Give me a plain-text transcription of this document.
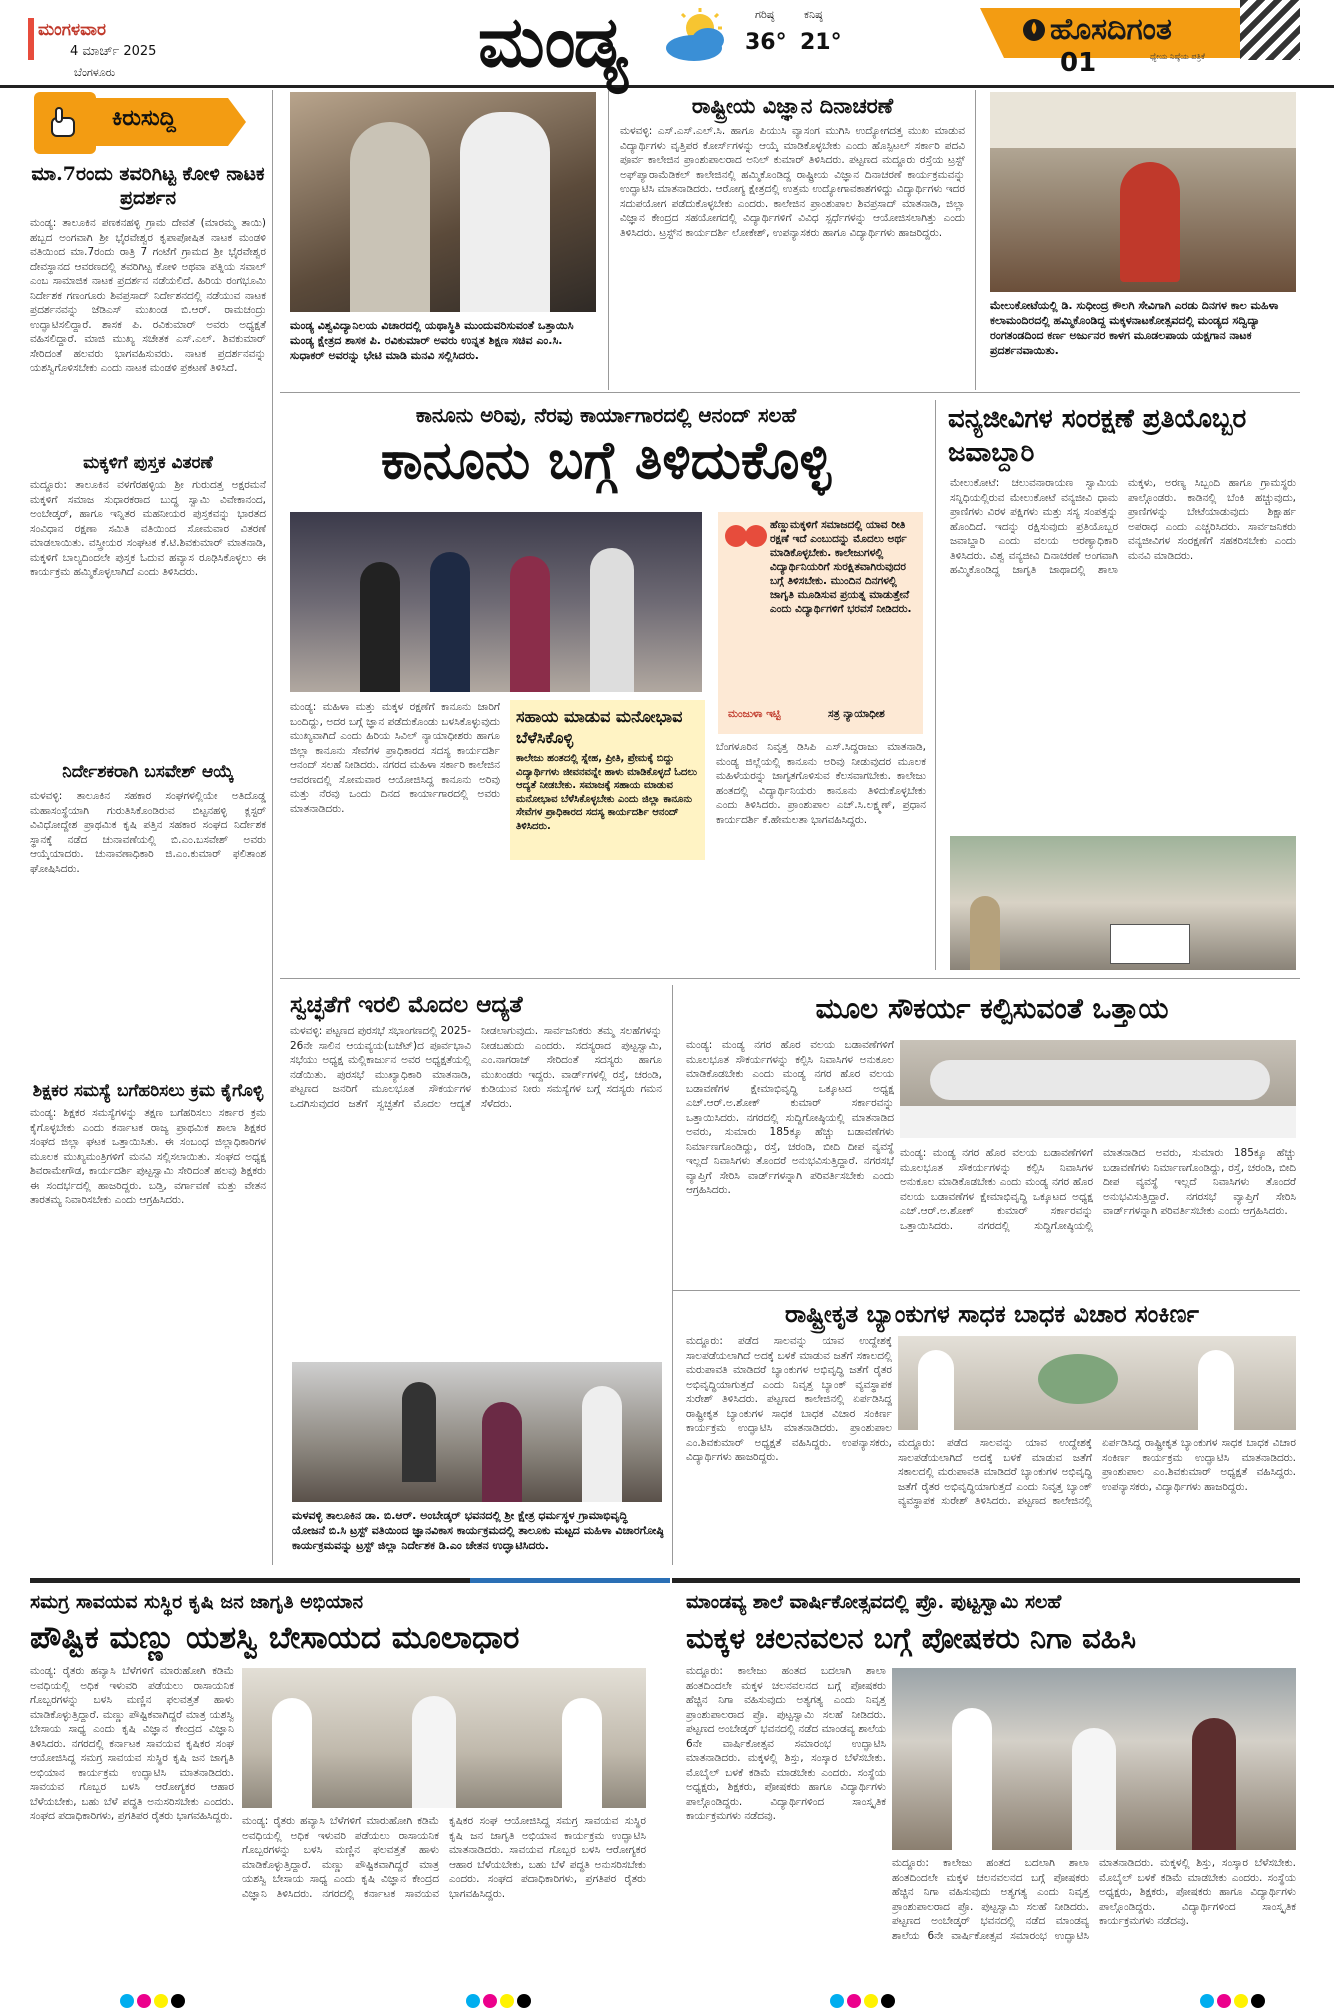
ಮಂಗಳವಾರ
4 ಮಾರ್ಚ್ 2025
ಬೆಂಗಳೂರು	ಮಂಡ್ಯ	ಗರಿಷ್ಠ
36°
ಕನಿಷ್ಠ
21°	ಹೊಸದಿಗಂತ
ಧ್ಯೇಯ ನಿಷ್ಠೆಯ ಪತ್ರಿಕೆ
01
ಕಿರುಸುದ್ದಿ
ಮಾ.7ರಂದು ತವರಿಗಿಟ್ಟ ಕೋಳಿ ನಾಟಕ ಪ್ರದರ್ಶನ
ಮಂಡ್ಯ: ತಾಲೂಕಿನ ಪಣಕನಹಳ್ಳಿ ಗ್ರಾಮ ದೇವತೆ (ಮಾರಮ್ಮ ತಾಯಿ) ಹಬ್ಬದ ಅಂಗವಾಗಿ ಶ್ರೀ ಭೈರವೇಶ್ವರ ಕೃಪಾಪೋಷಿತ ನಾಟಕ ಮಂಡಳಿ ವತಿಯಿಂದ ಮಾ.7ರಂದು ರಾತ್ರಿ 7 ಗಂಟೆಗೆ ಗ್ರಾಮದ ಶ್ರೀ ಭೈರವೇಶ್ವರ ದೇವಸ್ಥಾನದ ಆವರಣದಲ್ಲಿ ತವರಿಗಿಟ್ಟ ಕೋಳಿ ಅಥವಾ ಪತ್ನಿಯ ಸವಾಲ್ ಎಂಬ ಸಾಮಾಜಿಕ ನಾಟಕ ಪ್ರದರ್ಶನ ನಡೆಯಲಿದೆ. ಹಿರಿಯ ರಂಗಭೂಮಿ ನಿರ್ದೇಶಕ ಗಣಂಗೂರು ಶಿವಪ್ರಸಾದ್ ನಿರ್ದೇಶನದಲ್ಲಿ ನಡೆಯುವ ನಾಟಕ ಪ್ರದರ್ಶನವನ್ನು ಜೆಡಿಎಸ್ ಮುಖಂಡ ಬಿ.ಆರ್. ರಾಮಚಂದ್ರು ಉದ್ಘಾಟಿಸಲಿದ್ದಾರೆ. ಶಾಸಕ ಪಿ. ರವಿಕುಮಾರ್ ಅವರು ಅಧ್ಯಕ್ಷತೆ ವಹಿಸಲಿದ್ದಾರೆ. ಮಾಜಿ ಮುಖ್ಯ ಸಚೇತಕ ಎಸ್.ಎಲ್. ಶಿವಕುಮಾರ್ ಸೇರಿದಂತೆ ಹಲವರು ಭಾಗವಹಿಸುವರು. ನಾಟಕ ಪ್ರದರ್ಶನವನ್ನು ಯಶಸ್ವಿಗೊಳಿಸಬೇಕು ಎಂದು ನಾಟಕ ಮಂಡಳಿ ಪ್ರಕಟಣೆ ತಿಳಿಸಿದೆ.
ಮಕ್ಕಳಿಗೆ ಪುಸ್ತಕ ವಿತರಣೆ
ಮದ್ದೂರು: ತಾಲೂಕಿನ ವಳಗೆರಹಳ್ಳಿಯ ಶ್ರೀ ಗುರುದತ್ತ ಅಕ್ಷರಮನೆ ಮಕ್ಕಳಿಗೆ ಸಮಾಜ ಸುಧಾರಕರಾದ ಬುದ್ಧ ಸ್ವಾಮಿ ವಿವೇಕಾನಂದ, ಅಂಬೇಡ್ಕರ್, ಹಾಗೂ ಇನ್ನಿತರ ಮಹನೀಯರ ಪುಸ್ತಕವನ್ನು ಭಾರತದ ಸಂವಿಧಾನ ರಕ್ಷಣಾ ಸಮಿತಿ ವತಿಯಿಂದ ಸೋಮವಾರ ವಿತರಣೆ ಮಾಡಲಾಯಿತು. ವಸ್ತ್ರೀಯರ ಸಂಘಟಕ ಕೆ.ಟಿ.ಶಿವಕುಮಾರ್ ಮಾತನಾಡಿ, ಮಕ್ಕಳಿಗೆ ಬಾಲ್ಯದಿಂದಲೇ ಪುಸ್ತಕ ಓದುವ ಹವ್ಯಾಸ ರೂಢಿಸಿಕೊಳ್ಳಲು ಈ ಕಾರ್ಯಕ್ರಮ ಹಮ್ಮಿಕೊಳ್ಳಲಾಗಿದೆ ಎಂದು ತಿಳಿಸಿದರು.
ನಿರ್ದೇಶಕರಾಗಿ ಬಸವೇಶ್ ಆಯ್ಕೆ
ಮಳವಳ್ಳಿ: ತಾಲೂಕಿನ ಸಹಕಾರ ಸಂಘಗಳಲ್ಲಿಯೇ ಅತಿದೊಡ್ಡ ಮಹಾಸಂಸ್ಥೆಯಾಗಿ ಗುರುತಿಸಿಕೊಂಡಿರುವ ಬಿಟ್ಟನಹಳ್ಳಿ ಕ್ಲಸ್ಟರ್ ವಿವಿಧೋದ್ದೇಶ ಪ್ರಾಥಮಿಕ ಕೃಷಿ ಪತ್ತಿನ ಸಹಕಾರ ಸಂಘದ ನಿರ್ದೇಶಕ ಸ್ಥಾನಕ್ಕೆ ನಡೆದ ಚುನಾವಣೆಯಲ್ಲಿ ಬಿ.ಎಂ.ಬಸವೇಶ್ ಅವರು ಆಯ್ಕೆಯಾದರು. ಚುನಾವಣಾಧಿಕಾರಿ ಜಿ.ಎಂ.ಕುಮಾರ್ ಫಲಿತಾಂಶ ಘೋಷಿಸಿದರು.
ಶಿಕ್ಷಕರ ಸಮಸ್ಯೆ ಬಗೆಹರಿಸಲು ಕ್ರಮ ಕೈಗೊಳ್ಳಿ
ಮಂಡ್ಯ: ಶಿಕ್ಷಕರ ಸಮಸ್ಯೆಗಳನ್ನು ತಕ್ಷಣ ಬಗೆಹರಿಸಲು ಸರ್ಕಾರ ಕ್ರಮ ಕೈಗೊಳ್ಳಬೇಕು ಎಂದು ಕರ್ನಾಟಕ ರಾಜ್ಯ ಪ್ರಾಥಮಿಕ ಶಾಲಾ ಶಿಕ್ಷಕರ ಸಂಘದ ಜಿಲ್ಲಾ ಘಟಕ ಒತ್ತಾಯಿಸಿತು. ಈ ಸಂಬಂಧ ಜಿಲ್ಲಾಧಿಕಾರಿಗಳ ಮೂಲಕ ಮುಖ್ಯಮಂತ್ರಿಗಳಿಗೆ ಮನವಿ ಸಲ್ಲಿಸಲಾಯಿತು. ಸಂಘದ ಅಧ್ಯಕ್ಷ ಶಿವರಾಮೇಗೌಡ, ಕಾರ್ಯದರ್ಶಿ ಪುಟ್ಟಸ್ವಾಮಿ ಸೇರಿದಂತೆ ಹಲವು ಶಿಕ್ಷಕರು ಈ ಸಂದರ್ಭದಲ್ಲಿ ಹಾಜರಿದ್ದರು. ಬಡ್ತಿ, ವರ್ಗಾವಣೆ ಮತ್ತು ವೇತನ ತಾರತಮ್ಯ ನಿವಾರಿಸಬೇಕು ಎಂದು ಆಗ್ರಹಿಸಿದರು.
ಮಂಡ್ಯ ವಿಶ್ವವಿದ್ಯಾನಿಲಯ ವಿಚಾರದಲ್ಲಿ ಯಥಾಸ್ಥಿತಿ ಮುಂದುವರಿಸುವಂತೆ ಒತ್ತಾಯಿಸಿ ಮಂಡ್ಯ ಕ್ಷೇತ್ರದ ಶಾಸಕ ಪಿ. ರವಿಕುಮಾರ್ ಅವರು ಉನ್ನತ ಶಿಕ್ಷಣ ಸಚಿವ ಎಂ.ಸಿ. ಸುಧಾಕರ್ ಅವರನ್ನು ಭೇಟಿ ಮಾಡಿ ಮನವಿ ಸಲ್ಲಿಸಿದರು.
ರಾಷ್ಟ್ರೀಯ ವಿಜ್ಞಾನ ದಿನಾಚರಣೆ
ಮಳವಳ್ಳಿ: ಎಸ್.ಎಸ್.ಎಲ್.ಸಿ. ಹಾಗೂ ಪಿಯುಸಿ ವ್ಯಾಸಂಗ ಮುಗಿಸಿ ಉದ್ಯೋಗದತ್ತ ಮುಖ ಮಾಡುವ ವಿದ್ಯಾರ್ಥಿಗಳು ವೃತ್ತಿಪರ ಕೋರ್ಸ್‌ಗಳನ್ನು ಆಯ್ಕೆ ಮಾಡಿಕೊಳ್ಳಬೇಕು ಎಂದು ಹೊಸ್ಪಿಟಲ್ ಸರ್ಕಾರಿ ಪದವಿ ಪೂರ್ವ ಕಾಲೇಜಿನ ಪ್ರಾಂಶುಪಾಲರಾದ ಅನಿಲ್ ಕುಮಾರ್ ತಿಳಿಸಿದರು. ಪಟ್ಟಣದ ಮದ್ದೂರು ರಸ್ತೆಯ ಟ್ರಸ್ಟ್ ಅಫ್‌ಪ್ಯಾರಾಮೆಡಿಕಲ್ ಕಾಲೇಜಿನಲ್ಲಿ ಹಮ್ಮಿಕೊಂಡಿದ್ದ ರಾಷ್ಟ್ರೀಯ ವಿಜ್ಞಾನ ದಿನಾಚರಣೆ ಕಾರ್ಯಕ್ರಮವನ್ನು ಉದ್ಘಾಟಿಸಿ ಮಾತನಾಡಿದರು. ಆರೋಗ್ಯ ಕ್ಷೇತ್ರದಲ್ಲಿ ಉತ್ತಮ ಉದ್ಯೋಗಾವಕಾಶಗಳಿದ್ದು ವಿದ್ಯಾರ್ಥಿಗಳು ಇದರ ಸದುಪಯೋಗ ಪಡೆದುಕೊಳ್ಳಬೇಕು ಎಂದರು. ಕಾಲೇಜಿನ ಪ್ರಾಂಶುಪಾಲ ಶಿವಪ್ರಸಾದ್ ಮಾತನಾಡಿ, ಜಿಲ್ಲಾ ವಿಜ್ಞಾನ ಕೇಂದ್ರದ ಸಹಯೋಗದಲ್ಲಿ ವಿದ್ಯಾರ್ಥಿಗಳಿಗೆ ವಿವಿಧ ಸ್ಪರ್ಧೆಗಳನ್ನು ಆಯೋಜಿಸಲಾಗಿತ್ತು ಎಂದು ತಿಳಿಸಿದರು. ಟ್ರಸ್ಟ್‌ನ ಕಾರ್ಯದರ್ಶಿ ಲೋಕೇಶ್, ಉಪನ್ಯಾಸಕರು ಹಾಗೂ ವಿದ್ಯಾರ್ಥಿಗಳು ಹಾಜರಿದ್ದರು.
ಮೇಲುಕೋಟೆಯಲ್ಲಿ ಡಿ. ಸುಧೀಂದ್ರ ಕೌಲಗಿ ಸೇವಿಗಾಗಿ ಎರಡು ದಿನಗಳ ಕಾಲ ಮಹಿಳಾ ಕಲಾಮಂದಿರದಲ್ಲಿ ಹಮ್ಮಿಕೊಂಡಿದ್ದ ಮಕ್ಕಳನಾಟಕೋತ್ಸವದಲ್ಲಿ ಮಂಡ್ಯದ ಸದ್ವಿದ್ಯಾ ರಂಗತಂಡದಿಂದ ಕರ್ಣ ಅರ್ಜುನರ ಕಾಳಗ ಮೂಡಲಪಾಯ ಯಕ್ಷಗಾನ ನಾಟಕ ಪ್ರದರ್ಶನವಾಯಿತು.
ಕಾನೂನು ಅರಿವು, ನೆರವು ಕಾರ್ಯಾಗಾರದಲ್ಲಿ ಆನಂದ್ ಸಲಹೆ
ಕಾನೂನು ಬಗ್ಗೆ ತಿಳಿದುಕೊಳ್ಳಿ
ಹೆಣ್ಣುಮಕ್ಕಳಿಗೆ ಸಮಾಜದಲ್ಲಿ ಯಾವ ರೀತಿ ರಕ್ಷಣೆ ಇದೆ ಎಂಬುದನ್ನು ಮೊದಲು ಅರ್ಥ ಮಾಡಿಕೊಳ್ಳಬೇಕು. ಕಾಲೇಜುಗಳಲ್ಲಿ ವಿದ್ಯಾರ್ಥಿನಿಯರಿಗೆ ಸುರಕ್ಷಿತವಾಗಿರುವುದರ ಬಗ್ಗೆ ತಿಳಿಸಬೇಕು. ಮುಂದಿನ ದಿನಗಳಲ್ಲಿ ಜಾಗೃತಿ ಮೂಡಿಸುವ ಪ್ರಯತ್ನ ಮಾಡುತ್ತೇನೆ ಎಂದು ವಿದ್ಯಾರ್ಥಿಗಳಿಗೆ ಭರವಸೆ ನೀಡಿದರು.
ಮಂಜುಳಾ ಇಟ್ಟಿ	ಸತ್ರ ನ್ಯಾಯಾಧೀಶ
ಮಂಡ್ಯ: ಮಹಿಳಾ ಮತ್ತು ಮಕ್ಕಳ ರಕ್ಷಣೆಗೆ ಕಾನೂನು ಜಾರಿಗೆ ಬಂದಿದ್ದು, ಅದರ ಬಗ್ಗೆ ಜ್ಞಾನ ಪಡೆದುಕೊಂಡು ಬಳಸಿಕೊಳ್ಳುವುದು ಮುಖ್ಯವಾಗಿದೆ ಎಂದು ಹಿರಿಯ ಸಿವಿಲ್ ನ್ಯಾಯಾಧೀಶರು ಹಾಗೂ ಜಿಲ್ಲಾ ಕಾನೂನು ಸೇವೆಗಳ ಪ್ರಾಧಿಕಾರದ ಸದಸ್ಯ ಕಾರ್ಯದರ್ಶಿ ಆನಂದ್ ಸಲಹೆ ನೀಡಿದರು. ನಗರದ ಮಹಿಳಾ ಸರ್ಕಾರಿ ಕಾಲೇಜಿನ ಆವರಣದಲ್ಲಿ ಸೋಮವಾರ ಆಯೋಜಿಸಿದ್ದ ಕಾನೂನು ಅರಿವು ಮತ್ತು ನೆರವು ಒಂದು ದಿನದ ಕಾರ್ಯಾಗಾರದಲ್ಲಿ ಅವರು ಮಾತನಾಡಿದರು.
ಸಹಾಯ ಮಾಡುವ ಮನೋಭಾವ ಬೆಳೆಸಿಕೊಳ್ಳಿ
ಕಾಲೇಜು ಹಂತದಲ್ಲಿ ಸ್ನೇಹ, ಪ್ರೀತಿ, ಪ್ರೇಮಕ್ಕೆ ಬಿದ್ದು ವಿದ್ಯಾರ್ಥಿಗಳು ಜೀವನವನ್ನೇ ಹಾಳು ಮಾಡಿಕೊಳ್ಳದೆ ಓದಲು ಆದ್ಯತೆ ನೀಡಬೇಕು. ಸಮಾಜಕ್ಕೆ ಸಹಾಯ ಮಾಡುವ ಮನೋಭಾವ ಬೆಳೆಸಿಕೊಳ್ಳಬೇಕು ಎಂದು ಜಿಲ್ಲಾ ಕಾನೂನು ಸೇವೆಗಳ ಪ್ರಾಧಿಕಾರದ ಸದಸ್ಯ ಕಾರ್ಯದರ್ಶಿ ಆನಂದ್ ತಿಳಿಸಿದರು.
ಬೆಂಗಳೂರಿನ ನಿವೃತ್ತ ಡಿಸಿಪಿ ಎಸ್.ಸಿದ್ದರಾಜು ಮಾತನಾಡಿ, ಮಂಡ್ಯ ಜಿಲ್ಲೆಯಲ್ಲಿ ಕಾನೂನು ಅರಿವು ನೀಡುವುದರ ಮೂಲಕ ಮಹಿಳೆಯರನ್ನು ಜಾಗೃತಗೊಳಿಸುವ ಕೆಲಸವಾಗಬೇಕು. ಕಾಲೇಜು ಹಂತದಲ್ಲಿ ವಿದ್ಯಾರ್ಥಿನಿಯರು ಕಾನೂನು ತಿಳಿದುಕೊಳ್ಳಬೇಕು ಎಂದು ತಿಳಿಸಿದರು. ಪ್ರಾಂಶುಪಾಲ ಎಚ್.ಸಿ.ಲಕ್ಷ್ಮಣ್, ಪ್ರಧಾನ ಕಾರ್ಯದರ್ಶಿ ಕೆ.ಹೇಮಲತಾ ಭಾಗವಹಿಸಿದ್ದರು.
ವನ್ಯಜೀವಿಗಳ ಸಂರಕ್ಷಣೆ ಪ್ರತಿಯೊಬ್ಬರ ಜವಾಬ್ದಾರಿ
ಮೇಲುಕೋಟೆ: ಚಲುವನಾರಾಯಣ ಸ್ವಾಮಿಯ ಸನ್ನಿಧಿಯಲ್ಲಿರುವ ಮೇಲುಕೋಟೆ ವನ್ಯಜೀವಿ ಧಾಮ ಪ್ರಾಣಿಗಳು ವಿರಳ ಪಕ್ಷಿಗಳು ಮತ್ತು ಸಸ್ಯ ಸಂಪತ್ತನ್ನು ಹೊಂದಿದೆ. ಇದನ್ನು ರಕ್ಷಿಸುವುದು ಪ್ರತಿಯೊಬ್ಬರ ಜವಾಬ್ದಾರಿ ಎಂದು ವಲಯ ಅರಣ್ಯಾಧಿಕಾರಿ ತಿಳಿಸಿದರು. ವಿಶ್ವ ವನ್ಯಜೀವಿ ದಿನಾಚರಣೆ ಅಂಗವಾಗಿ ಹಮ್ಮಿಕೊಂಡಿದ್ದ ಜಾಗೃತಿ ಜಾಥಾದಲ್ಲಿ ಶಾಲಾ ಮಕ್ಕಳು, ಅರಣ್ಯ ಸಿಬ್ಬಂದಿ ಹಾಗೂ ಗ್ರಾಮಸ್ಥರು ಪಾಲ್ಗೊಂಡರು. ಕಾಡಿನಲ್ಲಿ ಬೆಂಕಿ ಹಚ್ಚುವುದು, ಪ್ರಾಣಿಗಳನ್ನು ಬೇಟೆಯಾಡುವುದು ಶಿಕ್ಷಾರ್ಹ ಅಪರಾಧ ಎಂದು ಎಚ್ಚರಿಸಿದರು. ಸಾರ್ವಜನಿಕರು ವನ್ಯಜೀವಿಗಳ ಸಂರಕ್ಷಣೆಗೆ ಸಹಕರಿಸಬೇಕು ಎಂದು ಮನವಿ ಮಾಡಿದರು.
ಸ್ವಚ್ಛತೆಗೆ ಇರಲಿ ಮೊದಲ ಆದ್ಯತೆ
ಮಳವಳ್ಳಿ: ಪಟ್ಟಣದ ಪುರಸಭೆ ಸಭಾಂಗಣದಲ್ಲಿ 2025-26ನೇ ಸಾಲಿನ ಆಯವ್ಯಯ(ಬಜೆಟ್)ದ ಪೂರ್ವಭಾವಿ ಸಭೆಯು ಅಧ್ಯಕ್ಷ ಮಲ್ಲಿಕಾರ್ಜುನ ಅವರ ಅಧ್ಯಕ್ಷತೆಯಲ್ಲಿ ನಡೆಯಿತು. ಪುರಸಭೆ ಮುಖ್ಯಾಧಿಕಾರಿ ಮಾತನಾಡಿ, ಪಟ್ಟಣದ ಜನರಿಗೆ ಮೂಲಭೂತ ಸೌಕರ್ಯಗಳ ಒದಗಿಸುವುದರ ಜತೆಗೆ ಸ್ವಚ್ಛತೆಗೆ ಮೊದಲ ಆದ್ಯತೆ ನೀಡಲಾಗುವುದು. ಸಾರ್ವಜನಿಕರು ತಮ್ಮ ಸಲಹೆಗಳನ್ನು ನೀಡಬಹುದು ಎಂದರು. ಸದಸ್ಯರಾದ ಪುಟ್ಟಸ್ವಾಮಿ, ಎಂ.ನಾಗರಾಜ್ ಸೇರಿದಂತೆ ಸದಸ್ಯರು ಹಾಗೂ ಮುಖಂಡರು ಇದ್ದರು. ವಾರ್ಡ್‌ಗಳಲ್ಲಿ ರಸ್ತೆ, ಚರಂಡಿ, ಕುಡಿಯುವ ನೀರು ಸಮಸ್ಯೆಗಳ ಬಗ್ಗೆ ಸದಸ್ಯರು ಗಮನ ಸೆಳೆದರು.
ಮಳವಳ್ಳಿ ತಾಲೂಕಿನ ಡಾ. ಬಿ.ಆರ್. ಅಂಬೇಡ್ಕರ್ ಭವನದಲ್ಲಿ ಶ್ರೀ ಕ್ಷೇತ್ರ ಧರ್ಮಸ್ಥಳ ಗ್ರಾಮಾಭಿವೃದ್ಧಿ ಯೋಜನೆ ಬಿ.ಸಿ ಟ್ರಸ್ಟ್ ವತಿಯಿಂದ ಜ್ಞಾನವಿಕಾಸ ಕಾರ್ಯಕ್ರಮದಲ್ಲಿ ತಾಲೂಕು ಮಟ್ಟದ ಮಹಿಳಾ ವಿಚಾರಗೋಷ್ಠಿ ಕಾರ್ಯಕ್ರಮವನ್ನು ಟ್ರಸ್ಟ್ ಜಿಲ್ಲಾ ನಿರ್ದೇಶಕ ಡಿ.ಎಂ ಚೇತನ ಉದ್ಘಾಟಿಸಿದರು.
ಮೂಲ ಸೌಕರ್ಯ ಕಲ್ಪಿಸುವಂತೆ ಒತ್ತಾಯ
ಮಂಡ್ಯ: ಮಂಡ್ಯ ನಗರ ಹೊರ ವಲಯ ಬಡಾವಣೆಗಳಿಗೆ ಮೂಲಭೂತ ಸೌಕರ್ಯಗಳನ್ನು ಕಲ್ಪಿಸಿ ನಿವಾಸಿಗಳ ಅನುಕೂಲ ಮಾಡಿಕೊಡಬೇಕು ಎಂದು ಮಂಡ್ಯ ನಗರ ಹೊರ ವಲಯ ಬಡಾವಣೆಗಳ ಕ್ಷೇಮಾಭಿವೃದ್ಧಿ ಒಕ್ಕೂಟದ ಅಧ್ಯಕ್ಷ ಎಚ್.ಆರ್.ಅ.ಶೋಕ್ ಕುಮಾರ್ ಸರ್ಕಾರವನ್ನು ಒತ್ತಾಯಿಸಿದರು. ನಗರದಲ್ಲಿ ಸುದ್ದಿಗೋಷ್ಠಿಯಲ್ಲಿ ಮಾತನಾಡಿದ ಅವರು, ಸುಮಾರು 185ಕ್ಕೂ ಹೆಚ್ಚು ಬಡಾವಣೆಗಳು ನಿರ್ಮಾಣಗೊಂಡಿದ್ದು, ರಸ್ತೆ, ಚರಂಡಿ, ಬೀದಿ ದೀಪ ವ್ಯವಸ್ಥೆ ಇಲ್ಲದೆ ನಿವಾಸಿಗಳು ತೊಂದರೆ ಅನುಭವಿಸುತ್ತಿದ್ದಾರೆ. ನಗರಸಭೆ ವ್ಯಾಪ್ತಿಗೆ ಸೇರಿಸಿ ವಾರ್ಡ್‌ಗಳನ್ನಾಗಿ ಪರಿವರ್ತಿಸಬೇಕು ಎಂದು ಆಗ್ರಹಿಸಿದರು.
ಮಂಡ್ಯ: ಮಂಡ್ಯ ನಗರ ಹೊರ ವಲಯ ಬಡಾವಣೆಗಳಿಗೆ ಮೂಲಭೂತ ಸೌಕರ್ಯಗಳನ್ನು ಕಲ್ಪಿಸಿ ನಿವಾಸಿಗಳ ಅನುಕೂಲ ಮಾಡಿಕೊಡಬೇಕು ಎಂದು ಮಂಡ್ಯ ನಗರ ಹೊರ ವಲಯ ಬಡಾವಣೆಗಳ ಕ್ಷೇಮಾಭಿವೃದ್ಧಿ ಒಕ್ಕೂಟದ ಅಧ್ಯಕ್ಷ ಎಚ್.ಆರ್.ಅ.ಶೋಕ್ ಕುಮಾರ್ ಸರ್ಕಾರವನ್ನು ಒತ್ತಾಯಿಸಿದರು. ನಗರದಲ್ಲಿ ಸುದ್ದಿಗೋಷ್ಠಿಯಲ್ಲಿ ಮಾತನಾಡಿದ ಅವರು, ಸುಮಾರು 185ಕ್ಕೂ ಹೆಚ್ಚು ಬಡಾವಣೆಗಳು ನಿರ್ಮಾಣಗೊಂಡಿದ್ದು, ರಸ್ತೆ, ಚರಂಡಿ, ಬೀದಿ ದೀಪ ವ್ಯವಸ್ಥೆ ಇಲ್ಲದೆ ನಿವಾಸಿಗಳು ತೊಂದರೆ ಅನುಭವಿಸುತ್ತಿದ್ದಾರೆ. ನಗರಸಭೆ ವ್ಯಾಪ್ತಿಗೆ ಸೇರಿಸಿ ವಾರ್ಡ್‌ಗಳನ್ನಾಗಿ ಪರಿವರ್ತಿಸಬೇಕು ಎಂದು ಆಗ್ರಹಿಸಿದರು.
ರಾಷ್ಟ್ರೀಕೃತ ಬ್ಯಾಂಕುಗಳ ಸಾಧಕ ಬಾಧಕ ವಿಚಾರ ಸಂಕಿರ್ಣ
ಮದ್ದೂರು: ಪಡೆದ ಸಾಲವನ್ನು ಯಾವ ಉದ್ದೇಶಕ್ಕೆ ಸಾಲಪಡೆಯಲಾಗಿದೆ ಅದಕ್ಕೆ ಬಳಕೆ ಮಾಡುವ ಜತೆಗೆ ಸಕಾಲದಲ್ಲಿ ಮರುಪಾವತಿ ಮಾಡಿದರೆ ಬ್ಯಾಂಕುಗಳ ಅಭಿವೃದ್ಧಿ ಜತೆಗೆ ರೈತರ ಅಭಿವೃದ್ಧಿಯಾಗುತ್ತದೆ ಎಂದು ನಿವೃತ್ತ ಬ್ಯಾಂಕ್ ವ್ಯವಸ್ಥಾಪಕ ಸುರೇಶ್ ತಿಳಿಸಿದರು. ಪಟ್ಟಣದ ಕಾಲೇಜಿನಲ್ಲಿ ಏರ್ಪಡಿಸಿದ್ದ ರಾಷ್ಟ್ರೀಕೃತ ಬ್ಯಾಂಕುಗಳ ಸಾಧಕ ಬಾಧಕ ವಿಚಾರ ಸಂಕಿರ್ಣ ಕಾರ್ಯಕ್ರಮ ಉದ್ಘಾಟಿಸಿ ಮಾತನಾಡಿದರು. ಪ್ರಾಂಶುಪಾಲ ಎಂ.ಶಿವಕುಮಾರ್ ಅಧ್ಯಕ್ಷತೆ ವಹಿಸಿದ್ದರು. ಉಪನ್ಯಾಸಕರು, ವಿದ್ಯಾರ್ಥಿಗಳು ಹಾಜರಿದ್ದರು.
ಮದ್ದೂರು: ಪಡೆದ ಸಾಲವನ್ನು ಯಾವ ಉದ್ದೇಶಕ್ಕೆ ಸಾಲಪಡೆಯಲಾಗಿದೆ ಅದಕ್ಕೆ ಬಳಕೆ ಮಾಡುವ ಜತೆಗೆ ಸಕಾಲದಲ್ಲಿ ಮರುಪಾವತಿ ಮಾಡಿದರೆ ಬ್ಯಾಂಕುಗಳ ಅಭಿವೃದ್ಧಿ ಜತೆಗೆ ರೈತರ ಅಭಿವೃದ್ಧಿಯಾಗುತ್ತದೆ ಎಂದು ನಿವೃತ್ತ ಬ್ಯಾಂಕ್ ವ್ಯವಸ್ಥಾಪಕ ಸುರೇಶ್ ತಿಳಿಸಿದರು. ಪಟ್ಟಣದ ಕಾಲೇಜಿನಲ್ಲಿ ಏರ್ಪಡಿಸಿದ್ದ ರಾಷ್ಟ್ರೀಕೃತ ಬ್ಯಾಂಕುಗಳ ಸಾಧಕ ಬಾಧಕ ವಿಚಾರ ಸಂಕಿರ್ಣ ಕಾರ್ಯಕ್ರಮ ಉದ್ಘಾಟಿಸಿ ಮಾತನಾಡಿದರು. ಪ್ರಾಂಶುಪಾಲ ಎಂ.ಶಿವಕುಮಾರ್ ಅಧ್ಯಕ್ಷತೆ ವಹಿಸಿದ್ದರು. ಉಪನ್ಯಾಸಕರು, ವಿದ್ಯಾರ್ಥಿಗಳು ಹಾಜರಿದ್ದರು.
ಸಮಗ್ರ ಸಾವಯವ ಸುಸ್ಥಿರ ಕೃಷಿ ಜನ ಜಾಗೃತಿ ಅಭಿಯಾನ
ಪೌಷ್ಟಿಕ ಮಣ್ಣು ಯಶಸ್ವಿ ಬೇಸಾಯದ ಮೂಲಾಧಾರ
ಮಂಡ್ಯ: ರೈತರು ಹವ್ಯಾಸಿ ಬೆಳೆಗಳಿಗೆ ಮಾರುಹೋಗಿ ಕಡಿಮೆ ಅವಧಿಯಲ್ಲಿ ಅಧಿಕ ಇಳುವರಿ ಪಡೆಯಲು ರಾಸಾಯನಿಕ ಗೊಬ್ಬರಗಳನ್ನು ಬಳಸಿ ಮಣ್ಣಿನ ಫಲವತ್ತತೆ ಹಾಳು ಮಾಡಿಕೊಳ್ಳುತ್ತಿದ್ದಾರೆ. ಮಣ್ಣು ಪೌಷ್ಟಿಕವಾಗಿದ್ದರೆ ಮಾತ್ರ ಯಶಸ್ವಿ ಬೇಸಾಯ ಸಾಧ್ಯ ಎಂದು ಕೃಷಿ ವಿಜ್ಞಾನ ಕೇಂದ್ರದ ವಿಜ್ಞಾನಿ ತಿಳಿಸಿದರು. ನಗರದಲ್ಲಿ ಕರ್ನಾಟಕ ಸಾವಯವ ಕೃಷಿಕರ ಸಂಘ ಆಯೋಜಿಸಿದ್ದ ಸಮಗ್ರ ಸಾವಯವ ಸುಸ್ಥಿರ ಕೃಷಿ ಜನ ಜಾಗೃತಿ ಅಭಿಯಾನ ಕಾರ್ಯಕ್ರಮ ಉದ್ಘಾಟಿಸಿ ಮಾತನಾಡಿದರು. ಸಾವಯವ ಗೊಬ್ಬರ ಬಳಸಿ ಆರೋಗ್ಯಕರ ಆಹಾರ ಬೆಳೆಯಬೇಕು, ಬಹು ಬೆಳೆ ಪದ್ಧತಿ ಅನುಸರಿಸಬೇಕು ಎಂದರು. ಸಂಘದ ಪದಾಧಿಕಾರಿಗಳು, ಪ್ರಗತಿಪರ ರೈತರು ಭಾಗವಹಿಸಿದ್ದರು. ಮಂಡ್ಯ: ರೈತರು ಹವ್ಯಾಸಿ ಬೆಳೆಗಳಿಗೆ ಮಾರುಹೋಗಿ ಕಡಿಮೆ ಅವಧಿಯಲ್ಲಿ ಅಧಿಕ ಇಳುವರಿ ಪಡೆಯಲು ರಾಸಾಯನಿಕ ಗೊಬ್ಬರಗಳನ್ನು ಬಳಸಿ ಮಣ್ಣಿನ ಫಲವತ್ತತೆ ಹಾಳು ಮಾಡಿಕೊಳ್ಳುತ್ತಿದ್ದಾರೆ. ಮಣ್ಣು ಪೌಷ್ಟಿಕವಾಗಿದ್ದರೆ ಮಾತ್ರ ಯಶಸ್ವಿ ಬೇಸಾಯ ಸಾಧ್ಯ ಎಂದು ಕೃಷಿ ವಿಜ್ಞಾನ ಕೇಂದ್ರದ ವಿಜ್ಞಾನಿ ತಿಳಿಸಿದರು. ನಗರದಲ್ಲಿ ಕರ್ನಾಟಕ ಸಾವಯವ ಕೃಷಿಕರ ಸಂಘ ಆಯೋಜಿಸಿದ್ದ ಸಮಗ್ರ ಸಾವಯವ ಸುಸ್ಥಿರ ಕೃಷಿ ಜನ ಜಾಗೃತಿ ಅಭಿಯಾನ ಕಾರ್ಯಕ್ರಮ ಉದ್ಘಾಟಿಸಿ ಮಾತನಾಡಿದರು. ಸಾವಯವ ಗೊಬ್ಬರ ಬಳಸಿ ಆರೋಗ್ಯಕರ ಆಹಾರ ಬೆಳೆಯಬೇಕು, ಬಹು ಬೆಳೆ ಪದ್ಧತಿ ಅನುಸರಿಸಬೇಕು ಎಂದರು. ಸಂಘದ ಪದಾಧಿಕಾರಿಗಳು, ಪ್ರಗತಿಪರ ರೈತರು ಭಾಗವಹಿಸಿದ್ದರು.
ಮಾಂಡವ್ಯ ಶಾಲೆ ವಾರ್ಷಿಕೋತ್ಸವದಲ್ಲಿ ಪ್ರೊ. ಪುಟ್ಟಸ್ವಾಮಿ ಸಲಹೆ
ಮಕ್ಕಳ ಚಲನವಲನ ಬಗ್ಗೆ ಪೋಷಕರು ನಿಗಾ ವಹಿಸಿ
ಮದ್ದೂರು: ಕಾಲೇಜು ಹಂತದ ಬದಲಾಗಿ ಶಾಲಾ ಹಂತದಿಂದಲೇ ಮಕ್ಕಳ ಚಲನವಲನದ ಬಗ್ಗೆ ಪೋಷಕರು ಹೆಚ್ಚಿನ ನಿಗಾ ವಹಿಸುವುದು ಅತ್ಯಗತ್ಯ ಎಂದು ನಿವೃತ್ತ ಪ್ರಾಂಶುಪಾಲರಾದ ಪ್ರೊ. ಪುಟ್ಟಸ್ವಾಮಿ ಸಲಹೆ ನೀಡಿದರು. ಪಟ್ಟಣದ ಅಂಬೇಡ್ಕರ್ ಭವನದಲ್ಲಿ ನಡೆದ ಮಾಂಡವ್ಯ ಶಾಲೆಯ 6ನೇ ವಾರ್ಷಿಕೋತ್ಸವ ಸಮಾರಂಭ ಉದ್ಘಾಟಿಸಿ ಮಾತನಾಡಿದರು. ಮಕ್ಕಳಲ್ಲಿ ಶಿಸ್ತು, ಸಂಸ್ಕಾರ ಬೆಳೆಸಬೇಕು. ಮೊಬೈಲ್ ಬಳಕೆ ಕಡಿಮೆ ಮಾಡಬೇಕು ಎಂದರು. ಸಂಸ್ಥೆಯ ಅಧ್ಯಕ್ಷರು, ಶಿಕ್ಷಕರು, ಪೋಷಕರು ಹಾಗೂ ವಿದ್ಯಾರ್ಥಿಗಳು ಪಾಲ್ಗೊಂಡಿದ್ದರು. ವಿದ್ಯಾರ್ಥಿಗಳಿಂದ ಸಾಂಸ್ಕೃತಿಕ ಕಾರ್ಯಕ್ರಮಗಳು ನಡೆದವು.
ಮದ್ದೂರು: ಕಾಲೇಜು ಹಂತದ ಬದಲಾಗಿ ಶಾಲಾ ಹಂತದಿಂದಲೇ ಮಕ್ಕಳ ಚಲನವಲನದ ಬಗ್ಗೆ ಪೋಷಕರು ಹೆಚ್ಚಿನ ನಿಗಾ ವಹಿಸುವುದು ಅತ್ಯಗತ್ಯ ಎಂದು ನಿವೃತ್ತ ಪ್ರಾಂಶುಪಾಲರಾದ ಪ್ರೊ. ಪುಟ್ಟಸ್ವಾಮಿ ಸಲಹೆ ನೀಡಿದರು. ಪಟ್ಟಣದ ಅಂಬೇಡ್ಕರ್ ಭವನದಲ್ಲಿ ನಡೆದ ಮಾಂಡವ್ಯ ಶಾಲೆಯ 6ನೇ ವಾರ್ಷಿಕೋತ್ಸವ ಸಮಾರಂಭ ಉದ್ಘಾಟಿಸಿ ಮಾತನಾಡಿದರು. ಮಕ್ಕಳಲ್ಲಿ ಶಿಸ್ತು, ಸಂಸ್ಕಾರ ಬೆಳೆಸಬೇಕು. ಮೊಬೈಲ್ ಬಳಕೆ ಕಡಿಮೆ ಮಾಡಬೇಕು ಎಂದರು. ಸಂಸ್ಥೆಯ ಅಧ್ಯಕ್ಷರು, ಶಿಕ್ಷಕರು, ಪೋಷಕರು ಹಾಗೂ ವಿದ್ಯಾರ್ಥಿಗಳು ಪಾಲ್ಗೊಂಡಿದ್ದರು. ವಿದ್ಯಾರ್ಥಿಗಳಿಂದ ಸಾಂಸ್ಕೃತಿಕ ಕಾರ್ಯಕ್ರಮಗಳು ನಡೆದವು.
